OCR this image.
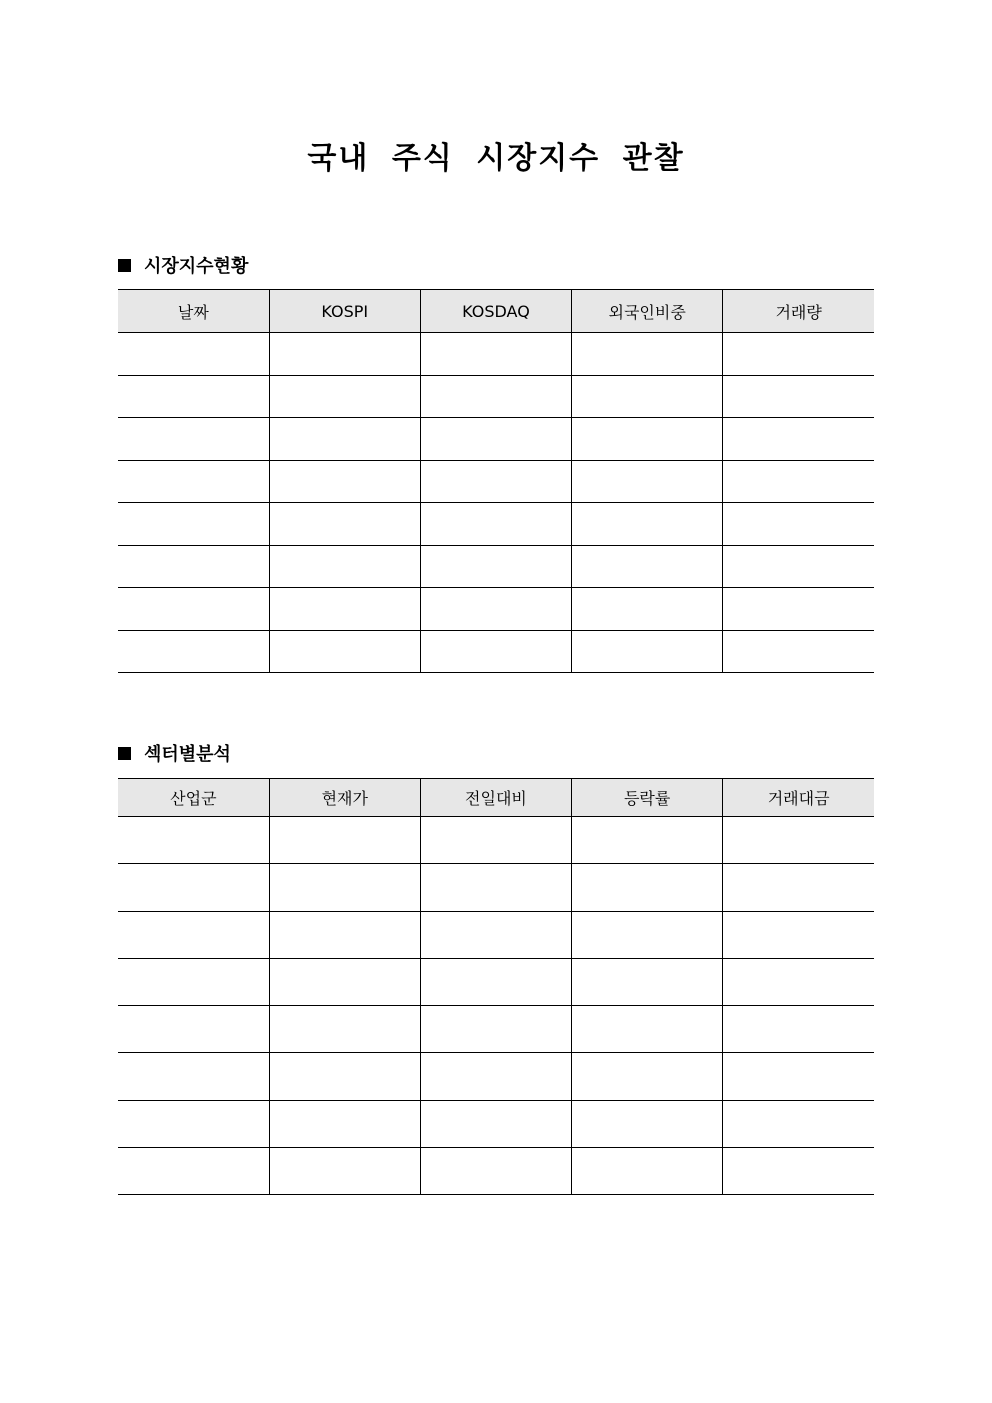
국내 주식 시장지수 관찰
시장지수현황
날짜	KOSPI	KOSDAQ	외국인비중	거래량

섹터별분석
산업군	현재가	전일대비	등락률	거래대금
